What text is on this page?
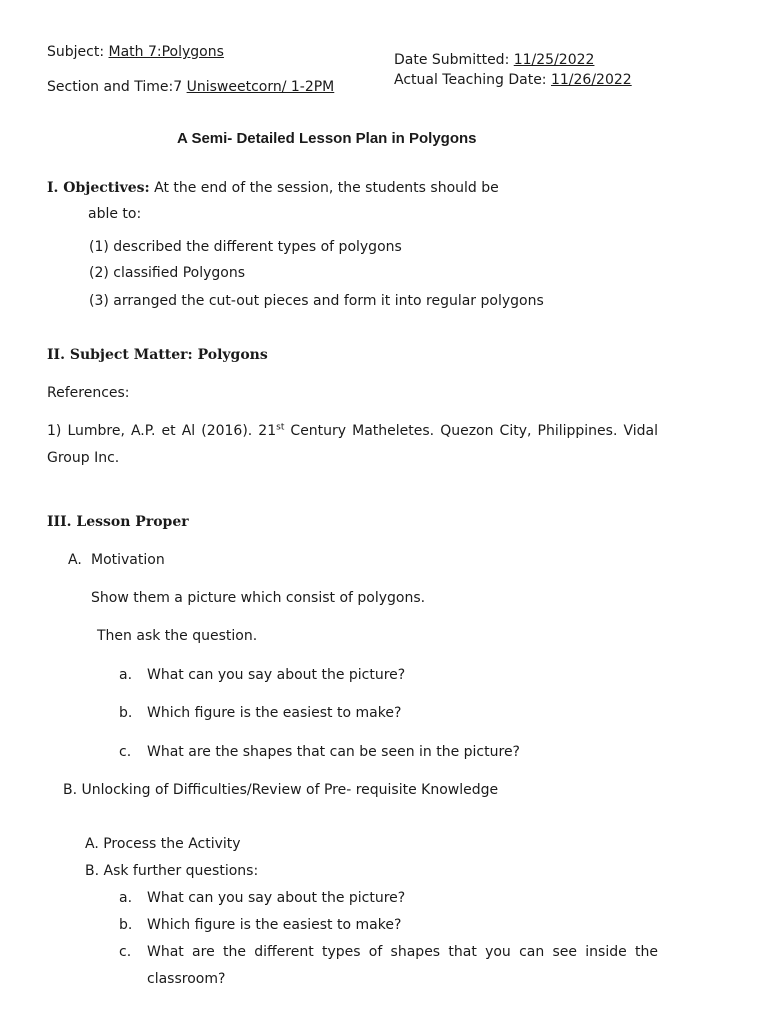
Subject: Math 7:Polygons
Section and Time:7 Unisweetcorn/ 1-2PM
Date Submitted: 11/25/2022
Actual Teaching Date: 11/26/2022
A Semi- Detailed Lesson Plan in Polygons
I. Objectives: At the end of the session, the students should be
able to:
(1) described the different types of polygons
(2) classified Polygons
(3) arranged the cut-out pieces and form it into regular polygons
II. Subject Matter: Polygons
References:
1) Lumbre, A.P. et Al (2016). 21st Century Matheletes. Quezon City, Philippines. Vidal Group Inc.
III. Lesson Proper
A. Motivation
Show them a picture which consist of polygons.
Then ask the question.
a. What can you say about the picture?
b. Which figure is the easiest to make?
c. What are the shapes that can be seen in the picture?
B. Unlocking of Difficulties/Review of Pre- requisite Knowledge
A. Process the Activity
B. Ask further questions:
a. What can you say about the picture?
b. Which figure is the easiest to make?
c. What are the different types of shapes that you can see inside the classroom?
